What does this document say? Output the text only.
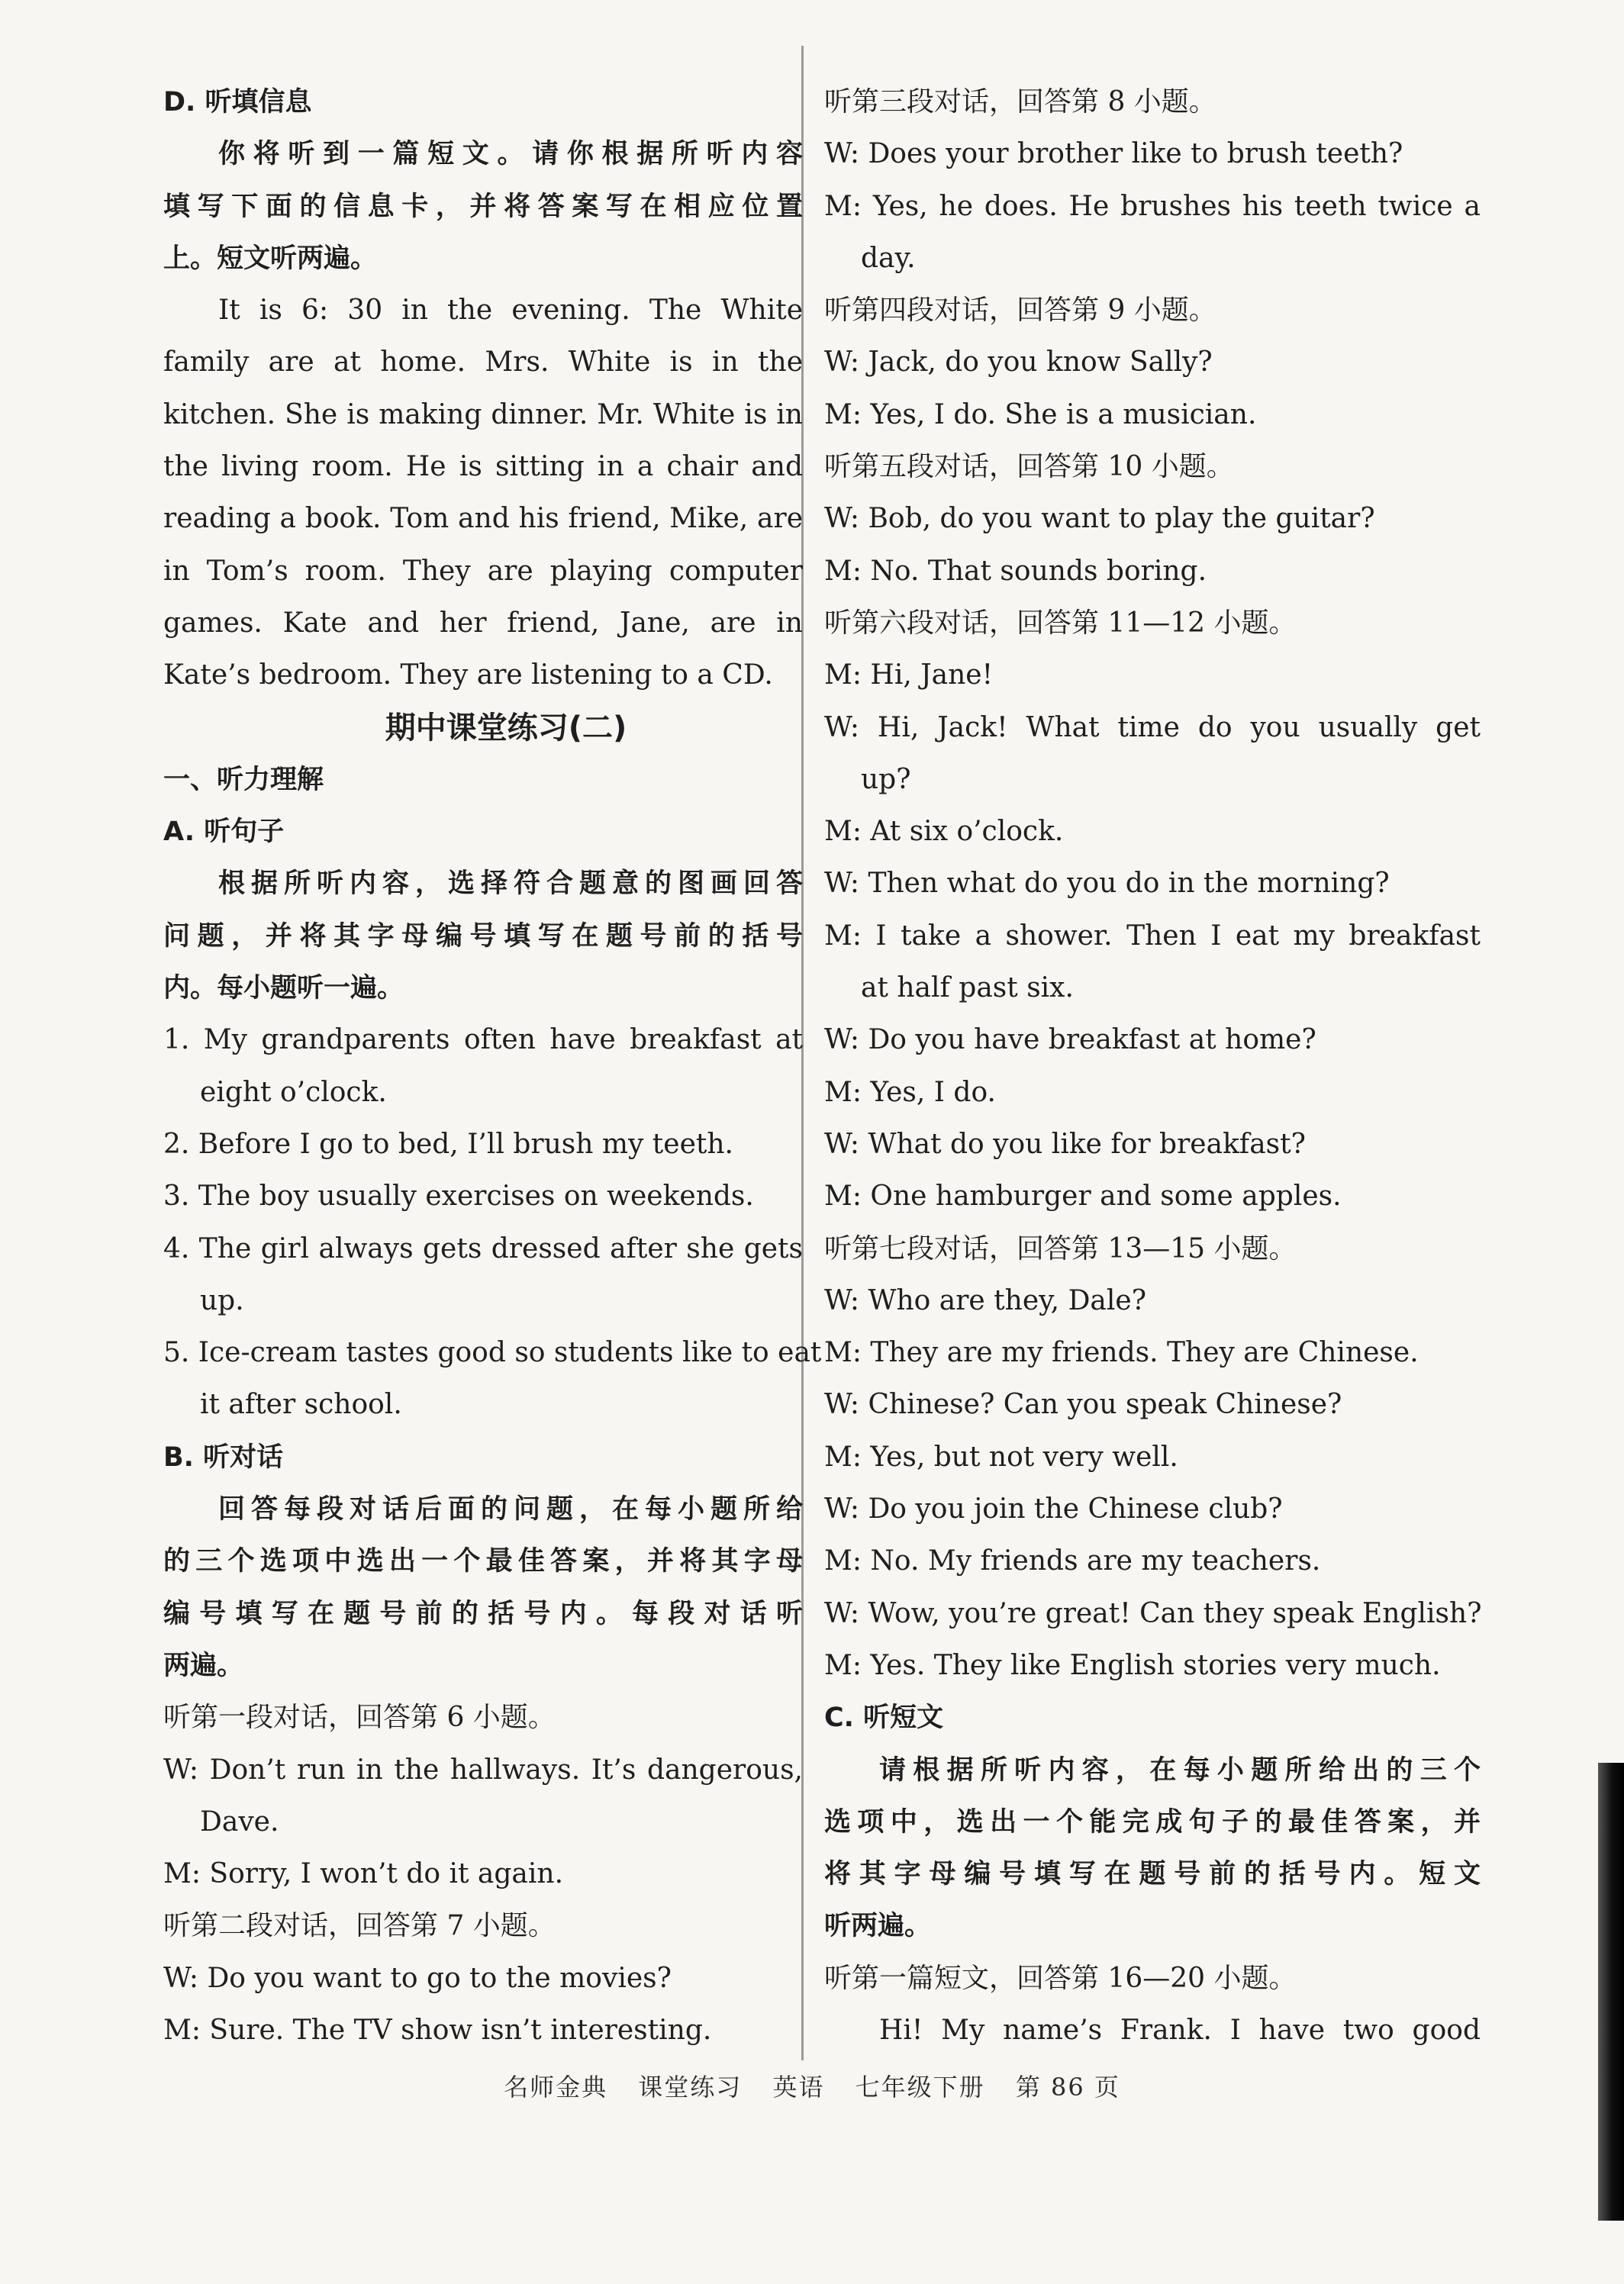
D. 听填信息
你将听到一篇短文。请你根据所听内容
填写下面的信息卡，并将答案写在相应位置
上。短文听两遍。
It is 6: 30 in the evening. The White
family are at home. Mrs. White is in the
kitchen. She is making dinner. Mr. White is in
the living room. He is sitting in a chair and
reading a book. Tom and his friend, Mike, are
in Tom’s room. They are playing computer
games. Kate and her friend, Jane, are in
Kate’s bedroom. They are listening to a CD.
期中课堂练习(二)
一、听力理解
A. 听句子
根据所听内容，选择符合题意的图画回答
问题，并将其字母编号填写在题号前的括号
内。每小题听一遍。
1. My grandparents often have breakfast at
eight o’clock.
2. Before I go to bed, I’ll brush my teeth.
3. The boy usually exercises on weekends.
4. The girl always gets dressed after she gets
up.
5. Ice-cream tastes good so students like to eat
it after school.
B. 听对话
回答每段对话后面的问题，在每小题所给
的三个选项中选出一个最佳答案，并将其字母
编号填写在题号前的括号内。每段对话听
两遍。
听第一段对话，回答第 6 小题。
W: Don’t run in the hallways. It’s dangerous,
Dave.
M: Sorry, I won’t do it again.
听第二段对话，回答第 7 小题。
W: Do you want to go to the movies?
M: Sure. The TV show isn’t interesting.
听第三段对话，回答第 8 小题。
W: Does your brother like to brush teeth?
M: Yes, he does. He brushes his teeth twice a
day.
听第四段对话，回答第 9 小题。
W: Jack, do you know Sally?
M: Yes, I do. She is a musician.
听第五段对话，回答第 10 小题。
W: Bob, do you want to play the guitar?
M: No. That sounds boring.
听第六段对话，回答第 11—12 小题。
M: Hi, Jane!
W: Hi, Jack! What time do you usually get
up?
M: At six o’clock.
W: Then what do you do in the morning?
M: I take a shower. Then I eat my breakfast
at half past six.
W: Do you have breakfast at home?
M: Yes, I do.
W: What do you like for breakfast?
M: One hamburger and some apples.
听第七段对话，回答第 13—15 小题。
W: Who are they, Dale?
M: They are my friends. They are Chinese.
W: Chinese? Can you speak Chinese?
M: Yes, but not very well.
W: Do you join the Chinese club?
M: No. My friends are my teachers.
W: Wow, you’re great! Can they speak English?
M: Yes. They like English stories very much.
C. 听短文
请根据所听内容，在每小题所给出的三个
选项中，选出一个能完成句子的最佳答案，并
将其字母编号填写在题号前的括号内。短文
听两遍。
听第一篇短文，回答第 16—20 小题。
Hi! My name’s Frank. I have two good
名师金典 课堂练习 英语 七年级下册 第 86 页
